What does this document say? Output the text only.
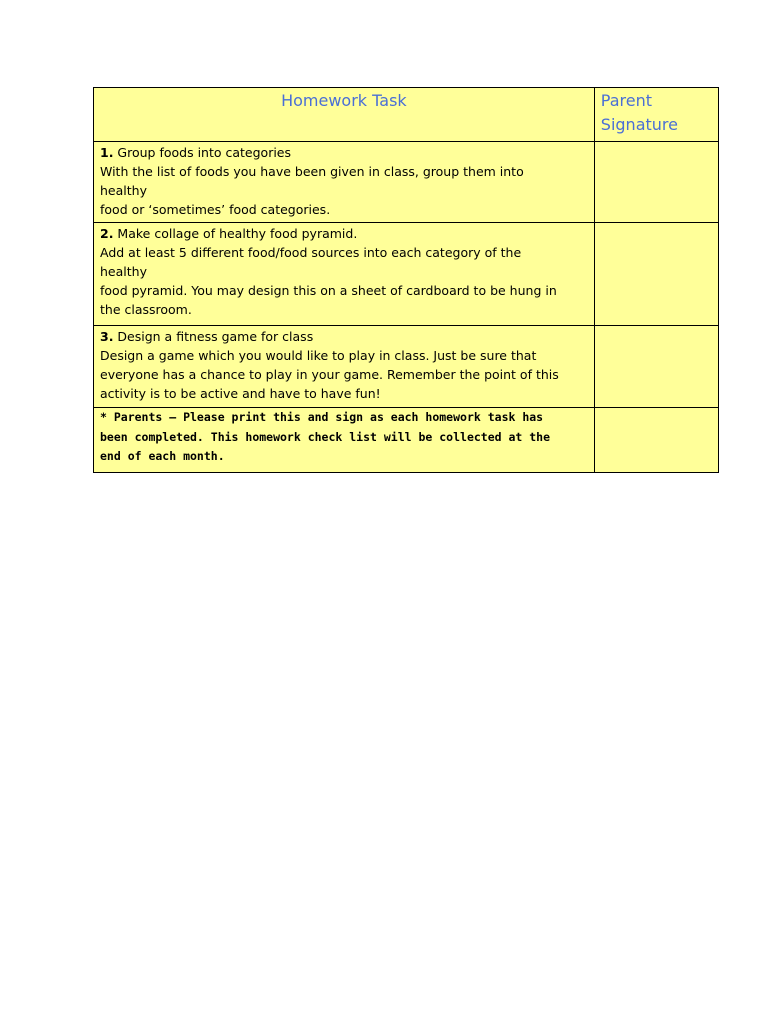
Homework Task	Parent
Signature

1. Group foods into categories
With the list of foods you have been given in class, group them into
healthy
food or ‘sometimes’ food categories.	

2. Make collage of healthy food pyramid.
Add at least 5 different food/food sources into each category of the
healthy
food pyramid. You may design this on a sheet of cardboard to be hung in
the classroom.	

3. Design a fitness game for class
Design a game which you would like to play in class. Just be sure that
everyone has a chance to play in your game. Remember the point of this
activity is to be active and have to have fun!	

* Parents – Please print this and sign as each homework task has
been completed. This homework check list will be collected at the
end of each month.	
